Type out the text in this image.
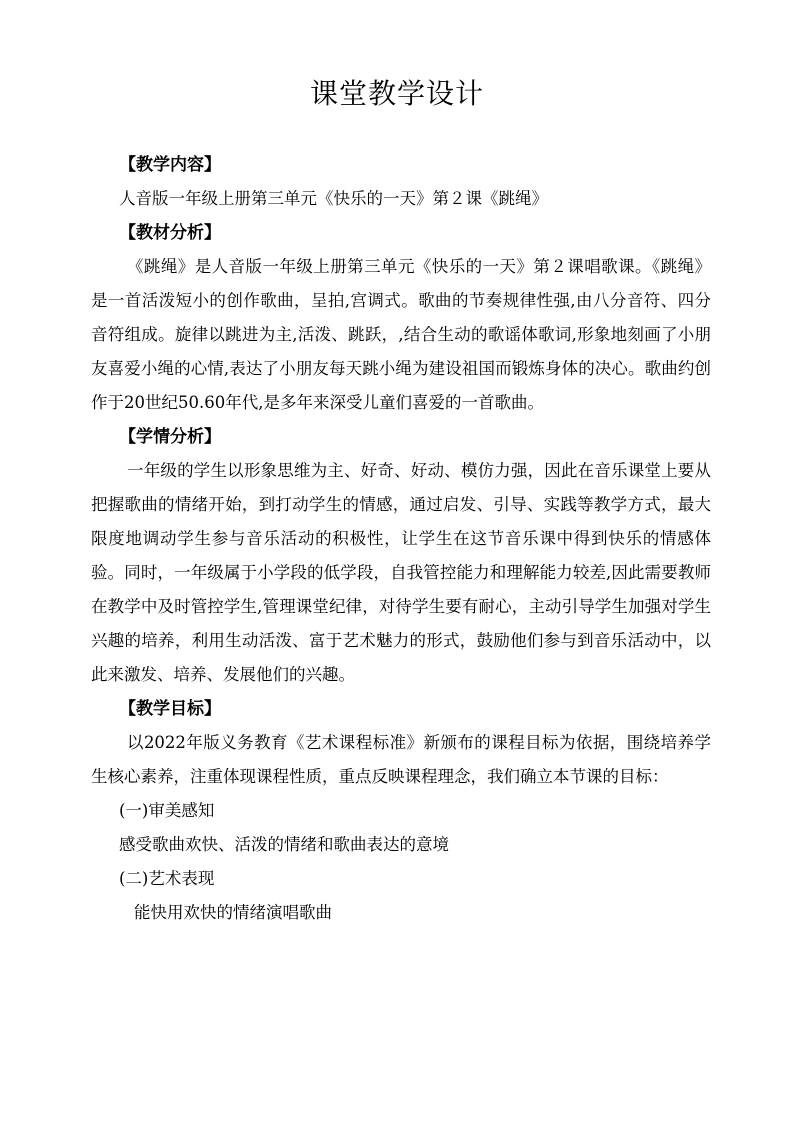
课堂教学设计

【教学内容】

人音版一年级上册第三单元《快乐的一天》第２课《跳绳》

【教材分析】

《跳绳》是人音版一年级上册第三单元《快乐的一天》第２课唱歌课。《跳绳》是一首活泼短小的创作歌曲，呈拍,宫调式。歌曲的节奏规律性强,由八分音符、四分音符组成。旋律以跳进为主,活泼、跳跃，,结合生动的歌谣体歌词,形象地刻画了小朋友喜爱小绳的心情,表达了小朋友每天跳小绳为建设祖国而锻炼身体的决心。歌曲约创作于20世纪50.60年代,是多年来深受儿童们喜爱的一首歌曲。

【学情分析】

一年级的学生以形象思维为主、好奇、好动、模仿力强，因此在音乐课堂上要从把握歌曲的情绪开始，到打动学生的情感，通过启发、引导、实践等教学方式，最大限度地调动学生参与音乐活动的积极性，让学生在这节音乐课中得到快乐的情感体验。同时，一年级属于小学段的低学段，自我管控能力和理解能力较差,因此需要教师在教学中及时管控学生,管理课堂纪律，对待学生要有耐心，主动引导学生加强对学生兴趣的培养，利用生动活泼、富于艺术魅力的形式，鼓励他们参与到音乐活动中，以此来激发、培养、发展他们的兴趣。

【教学目标】

以2022年版义务教育《艺术课程标准》新颁布的课程目标为依据，围绕培养学生核心素养，注重体现课程性质，重点反映课程理念，我们确立本节课的目标：

(一)审美感知

感受歌曲欢快、活泼的情绪和歌曲表达的意境

(二)艺术表现

能快用欢快的情绪演唱歌曲
